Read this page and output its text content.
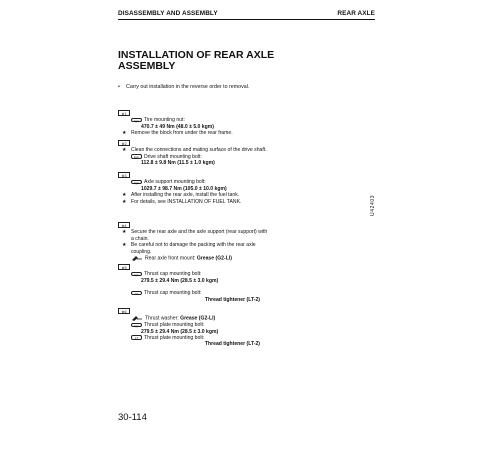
DISASSEMBLY AND ASSEMBLY	REAR AXLE
INSTALLATION OF REAR AXLE ASSEMBLY
• Carry out installation in the reverse order to removal.
※1
kgm Tire mounting nut:
470.7 ± 49 Nm (48.0 ± 5.0 kgm)
★ Remove the block from under the rear frame.
※2
★ Clean the connections and mating surface of the drive shaft.
kgm Drive shaft mounting bolt:
112.8 ± 9.8 Nm (11.5 ± 1.0 kgm)
※3
kgm Axle support mounting bolt:
1029.7 ± 98.7 Nm (105.0 ± 10.0 kgm)
★ After installing the rear axle, install the fuel tank.
★ For details, see INSTALLATION OF FUEL TANK.
※4
★ Secure the rear axle and the axle support (rear support) with a chain.
★ Be careful not to damage the packing with the rear axle coupling.
Rear axle front mount: Grease (G2-LI)
※5
kgm Thrust cap mounting bolt:
279.5 ± 29.4 Nm (28.5 ± 3.0 kgm)
LT Thrust cap mounting bolt:
Thread tightener (LT-2)
※6
Thrust washer: Grease (G2-LI)
kgm Thrust plate mounting bolt:
279.5 ± 29.4 Nm (28.5 ± 3.0 kgm)
LT Thrust plate mounting bolt:
Thread tightener (LT-2)
U42403
30-114
